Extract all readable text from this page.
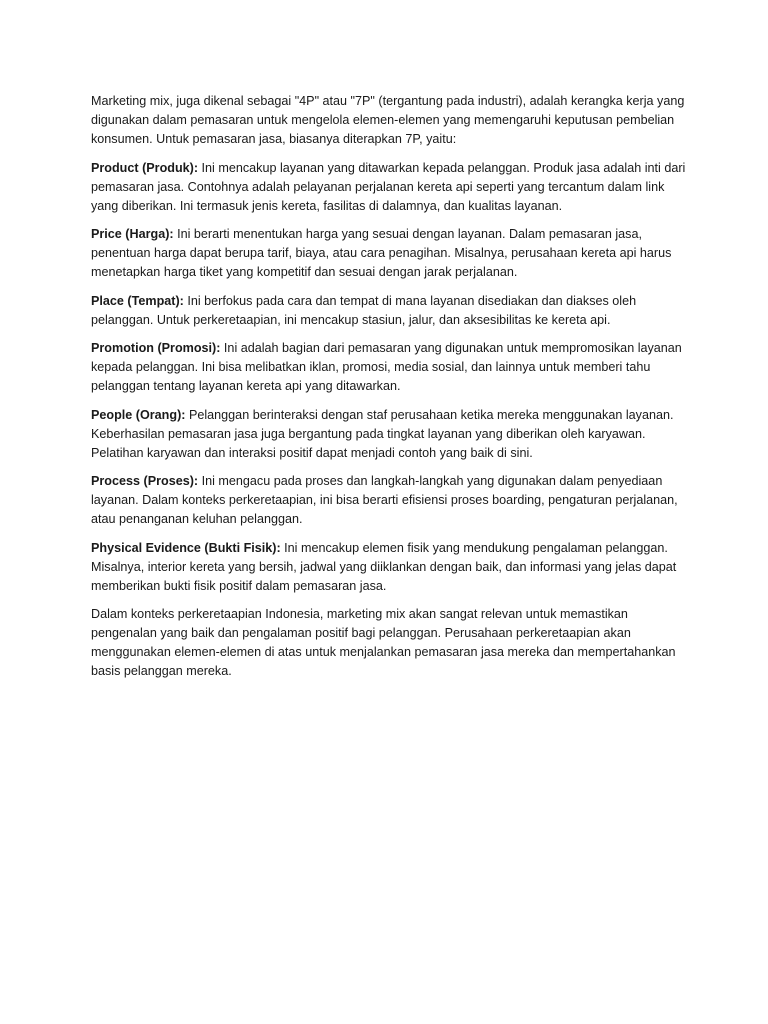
Marketing mix, juga dikenal sebagai "4P" atau "7P" (tergantung pada industri), adalah kerangka kerja yang digunakan dalam pemasaran untuk mengelola elemen-elemen yang memengaruhi keputusan pembelian konsumen. Untuk pemasaran jasa, biasanya diterapkan 7P, yaitu:

Product (Produk): Ini mencakup layanan yang ditawarkan kepada pelanggan. Produk jasa adalah inti dari pemasaran jasa. Contohnya adalah pelayanan perjalanan kereta api seperti yang tercantum dalam link yang diberikan. Ini termasuk jenis kereta, fasilitas di dalamnya, dan kualitas layanan.

Price (Harga): Ini berarti menentukan harga yang sesuai dengan layanan. Dalam pemasaran jasa, penentuan harga dapat berupa tarif, biaya, atau cara penagihan. Misalnya, perusahaan kereta api harus menetapkan harga tiket yang kompetitif dan sesuai dengan jarak perjalanan.

Place (Tempat): Ini berfokus pada cara dan tempat di mana layanan disediakan dan diakses oleh pelanggan. Untuk perkeretaapian, ini mencakup stasiun, jalur, dan aksesibilitas ke kereta api.

Promotion (Promosi): Ini adalah bagian dari pemasaran yang digunakan untuk mempromosikan layanan kepada pelanggan. Ini bisa melibatkan iklan, promosi, media sosial, dan lainnya untuk memberi tahu pelanggan tentang layanan kereta api yang ditawarkan.

People (Orang): Pelanggan berinteraksi dengan staf perusahaan ketika mereka menggunakan layanan. Keberhasilan pemasaran jasa juga bergantung pada tingkat layanan yang diberikan oleh karyawan. Pelatihan karyawan dan interaksi positif dapat menjadi contoh yang baik di sini.

Process (Proses): Ini mengacu pada proses dan langkah-langkah yang digunakan dalam penyediaan layanan. Dalam konteks perkeretaapian, ini bisa berarti efisiensi proses boarding, pengaturan perjalanan, atau penanganan keluhan pelanggan.

Physical Evidence (Bukti Fisik): Ini mencakup elemen fisik yang mendukung pengalaman pelanggan. Misalnya, interior kereta yang bersih, jadwal yang diiklankan dengan baik, dan informasi yang jelas dapat memberikan bukti fisik positif dalam pemasaran jasa.

Dalam konteks perkeretaapian Indonesia, marketing mix akan sangat relevan untuk memastikan pengenalan yang baik dan pengalaman positif bagi pelanggan. Perusahaan perkeretaapian akan menggunakan elemen-elemen di atas untuk menjalankan pemasaran jasa mereka dan mempertahankan basis pelanggan mereka.
